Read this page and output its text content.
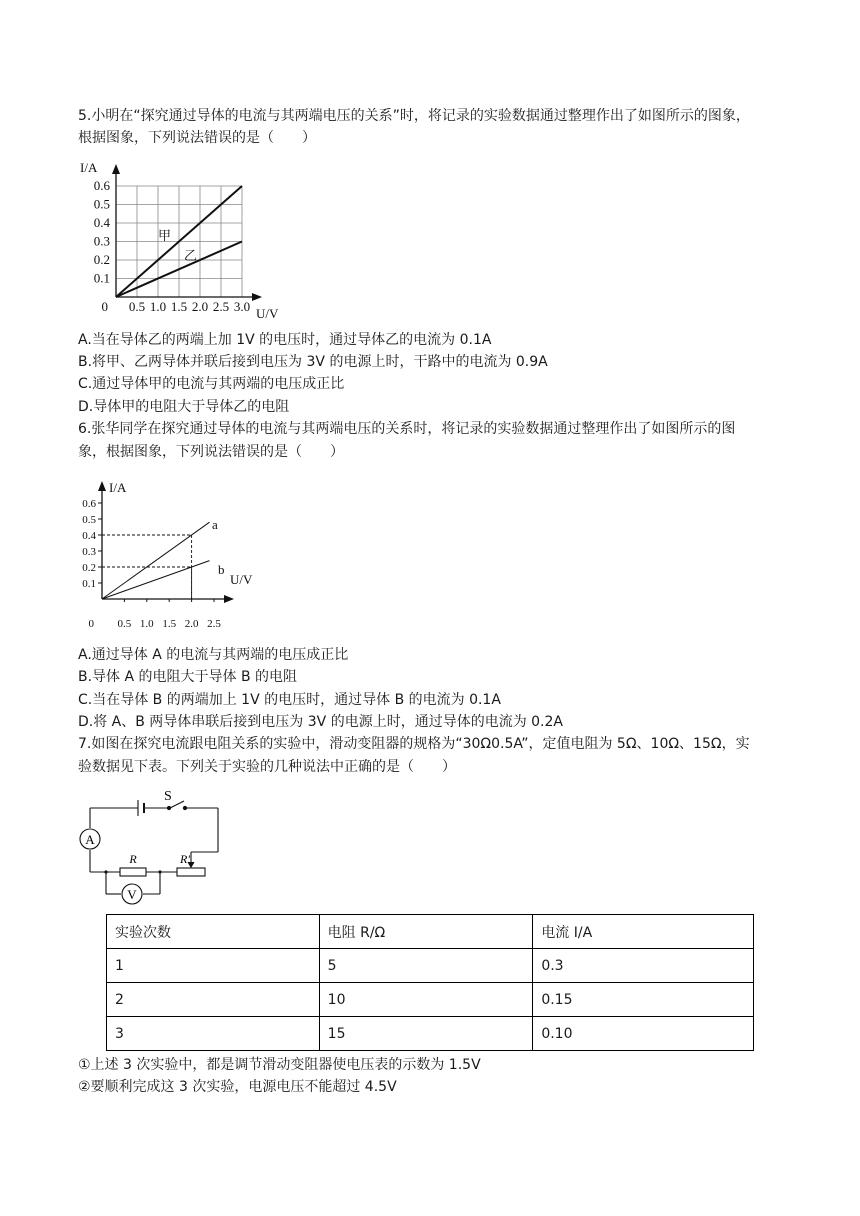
5.小明在“探究通过导体的电流与其两端电压的关系”时，将记录的实验数据通过整理作出了如图所示的图象，
根据图象，下列说法错误的是（　　）
0.1
0.2
0.3
0.4
0.5
0.6
0.5 1.0 1.5 2.0 2.5 3.0
0
I/A
U/V
甲
乙
A.当在导体乙的两端上加 1V 的电压时，通过导体乙的电流为 0.1A
B.将甲、乙两导体并联后接到电压为 3V 的电源上时，干路中的电流为 0.9A
C.通过导体甲的电流与其两端的电压成正比
D.导体甲的电阻大于导体乙的电阻
6.张华同学在探究通过导体的电流与其两端电压的关系时，将记录的实验数据通过整理作出了如图所示的图
象，根据图象，下列说法错误的是（　　）
0.1
0.2
0.3
0.4
0.5
0.6
0.5 1.0 1.5 2.0 2.5
0
I/A
U/V
a
b
A.通过导体 A 的电流与其两端的电压成正比
B.导体 A 的电阻大于导体 B 的电阻
C.当在导体 B 的两端加上 1V 的电压时，通过导体 B 的电流为 0.1A
D.将 A、B 两导体串联后接到电压为 3V 的电源上时，通过导体的电流为 0.2A
7.如图在探究电流跟电阻关系的实验中，滑动变阻器的规格为“30Ω0.5A”，定值电阻为 5Ω、10Ω、15Ω，实
验数据见下表。下列关于实验的几种说法中正确的是（　　）
S
A
V
R	R'
实验次数	电阻 R/Ω	电流 I/A
1	5	0.3
2	10	0.15
3	15	0.10
①上述 3 次实验中，都是调节滑动变阻器使电压表的示数为 1.5V
②要顺利完成这 3 次实验，电源电压不能超过 4.5V
